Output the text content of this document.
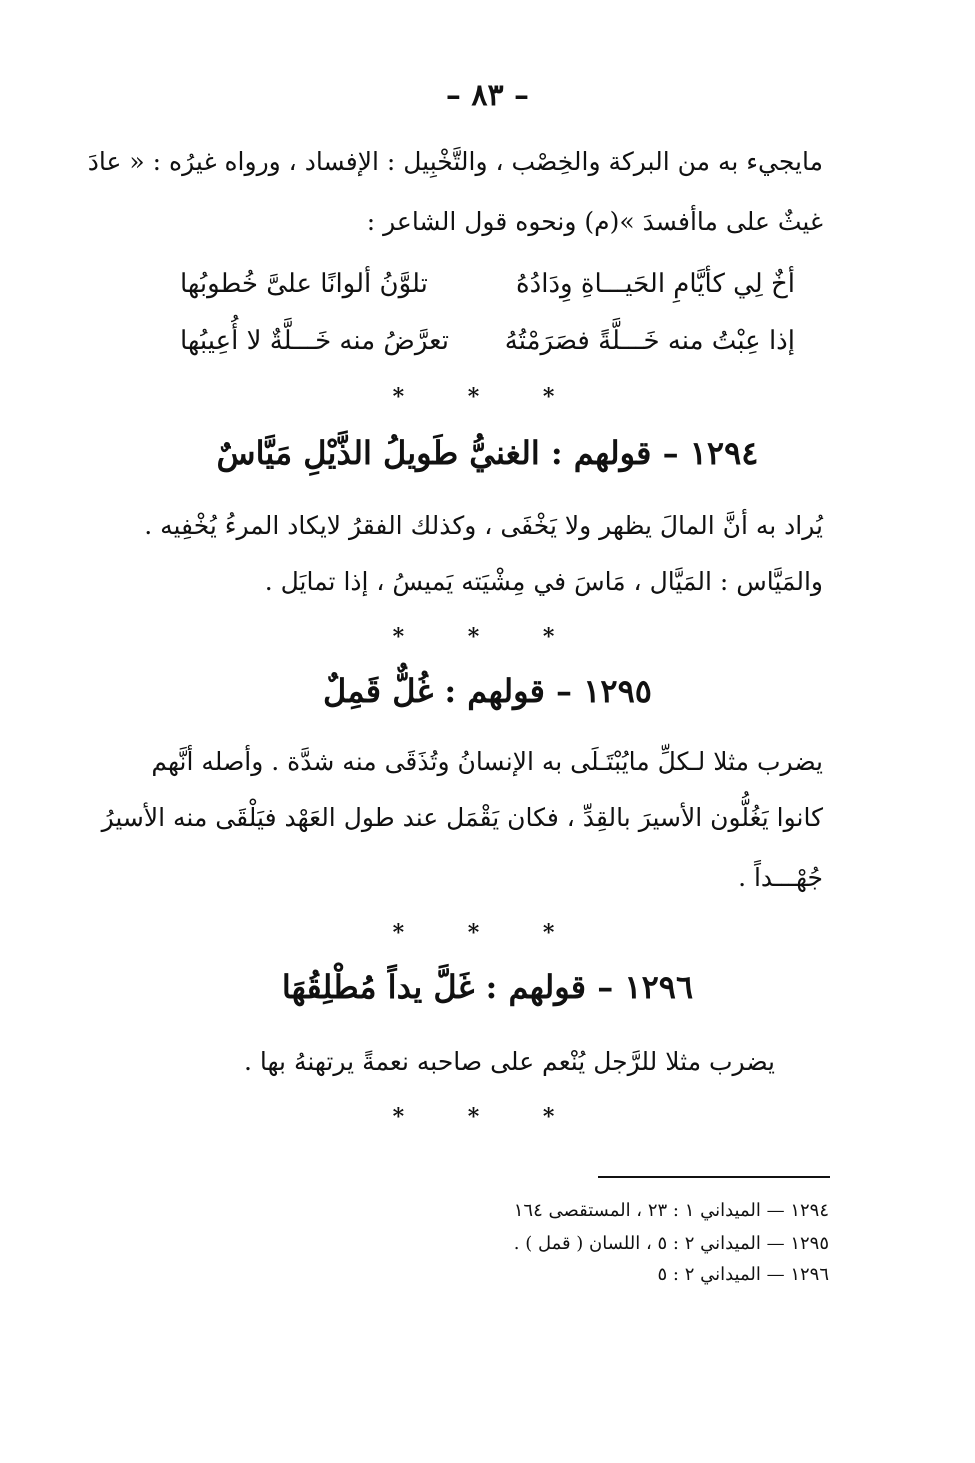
– ٨٣ –
مايجيء به من البركة والخِصْب ، والتَّخْبِيل : الإفساد ، ورواه غيرُه : « عادَ
غيثٌ على ماأفسدَ »(م) ونحوه قول الشاعر :
أخٌ لِي كأيَّامِ الحَيـــاةِ وِدَادُهُ
تلوَّنُ ألوانًا علىَّ خُطوبُها
إذا عِبْتُ منه خَـــلَّةً فصَرَمْتُهُ
تعرَّضُ منه خَـــلَّةٌ لا أُعِيبُها
* * *
١٢٩٤ – قولهم : الغنيُّ طَويلُ الذَّيْلِ مَيَّاسٌ
يُراد به أنَّ المالَ يظهر ولا يَخْفَى ، وكذلك الفقرُ لايكاد المرءُ يُخْفِيه .
والمَيَّاس : المَيَّال ، مَاسَ في مِشْيَته يَميسُ ، إذا تمايَل .
* * *
١٢٩٥ – قولهم : غُلٌّ قَمِلٌ
يضرب مثلا لـكلِّ مايُبْتَـلَى به الإنسانُ وتُذَقَى منه شدَّة . وأصله أنَّهم
كانوا يَغُلُّون الأسيرَ بالقِدِّ ، فكان يَقْمَل عند طول العَهْد فيَلْقَى منه الأسيرُ
جُهْـــداً .
* * *
١٢٩٦ – قولهم : غَلَّ يداً مُطْلِقُهَا
يضرب مثلا للرَّجل يُنْعم على صاحبه نعمةً يرتهنهُ بها .
* * *
١٢٩٤ — الميداني ١ : ٢٣ ، المستقصى ١٦٤
١٢٩٥ — الميداني ٢ : ٥ ، اللسان ( قمل ) .
١٢٩٦ — الميداني ٢ : ٥
